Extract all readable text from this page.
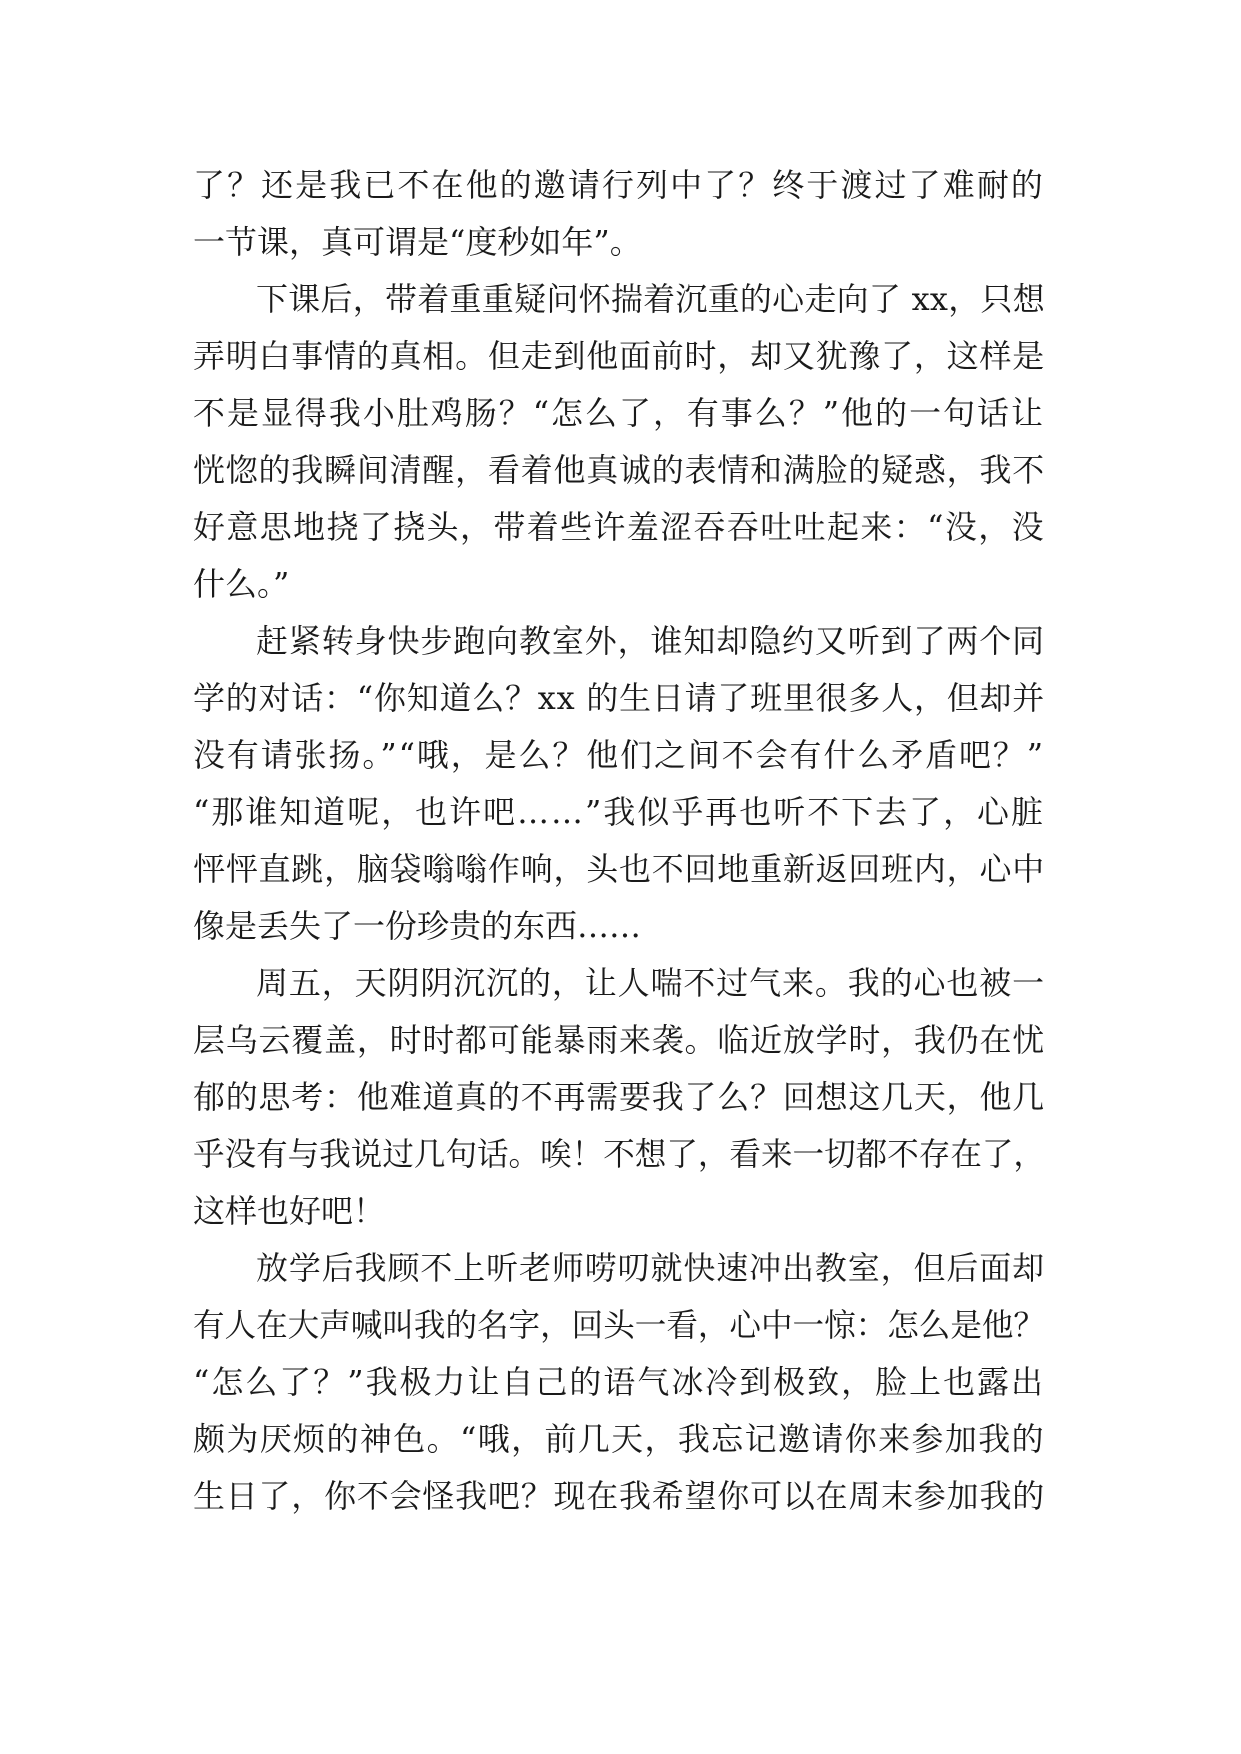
了？还是我已不在他的邀请行列中了？终于渡过了难耐的

一节课，真可谓是“度秒如年”。

下课后，带着重重疑问怀揣着沉重的心走向了 xx，只想

弄明白事情的真相。但走到他面前时，却又犹豫了，这样是

不是显得我小肚鸡肠？“怎么了，有事么？”他的一句话让

恍惚的我瞬间清醒，看着他真诚的表情和满脸的疑惑，我不

好意思地挠了挠头，带着些许羞涩吞吞吐吐起来：“没，没

什么。”

赶紧转身快步跑向教室外，谁知却隐约又听到了两个同

学的对话：“你知道么？xx 的生日请了班里很多人，但却并

没有请张扬。”“哦，是么？他们之间不会有什么矛盾吧？”

“那谁知道呢，也许吧……”我似乎再也听不下去了，心脏

怦怦直跳，脑袋嗡嗡作响，头也不回地重新返回班内，心中

像是丢失了一份珍贵的东西……

周五，天阴阴沉沉的，让人喘不过气来。我的心也被一

层乌云覆盖，时时都可能暴雨来袭。临近放学时，我仍在忧

郁的思考：他难道真的不再需要我了么？回想这几天，他几

乎没有与我说过几句话。唉！不想了，看来一切都不存在了，

这样也好吧！

放学后我顾不上听老师唠叨就快速冲出教室，但后面却

有人在大声喊叫我的名字，回头一看，心中一惊：怎么是他？

“怎么了？”我极力让自己的语气冰冷到极致，脸上也露出

颇为厌烦的神色。“哦，前几天，我忘记邀请你来参加我的

生日了，你不会怪我吧？现在我希望你可以在周末参加我的
